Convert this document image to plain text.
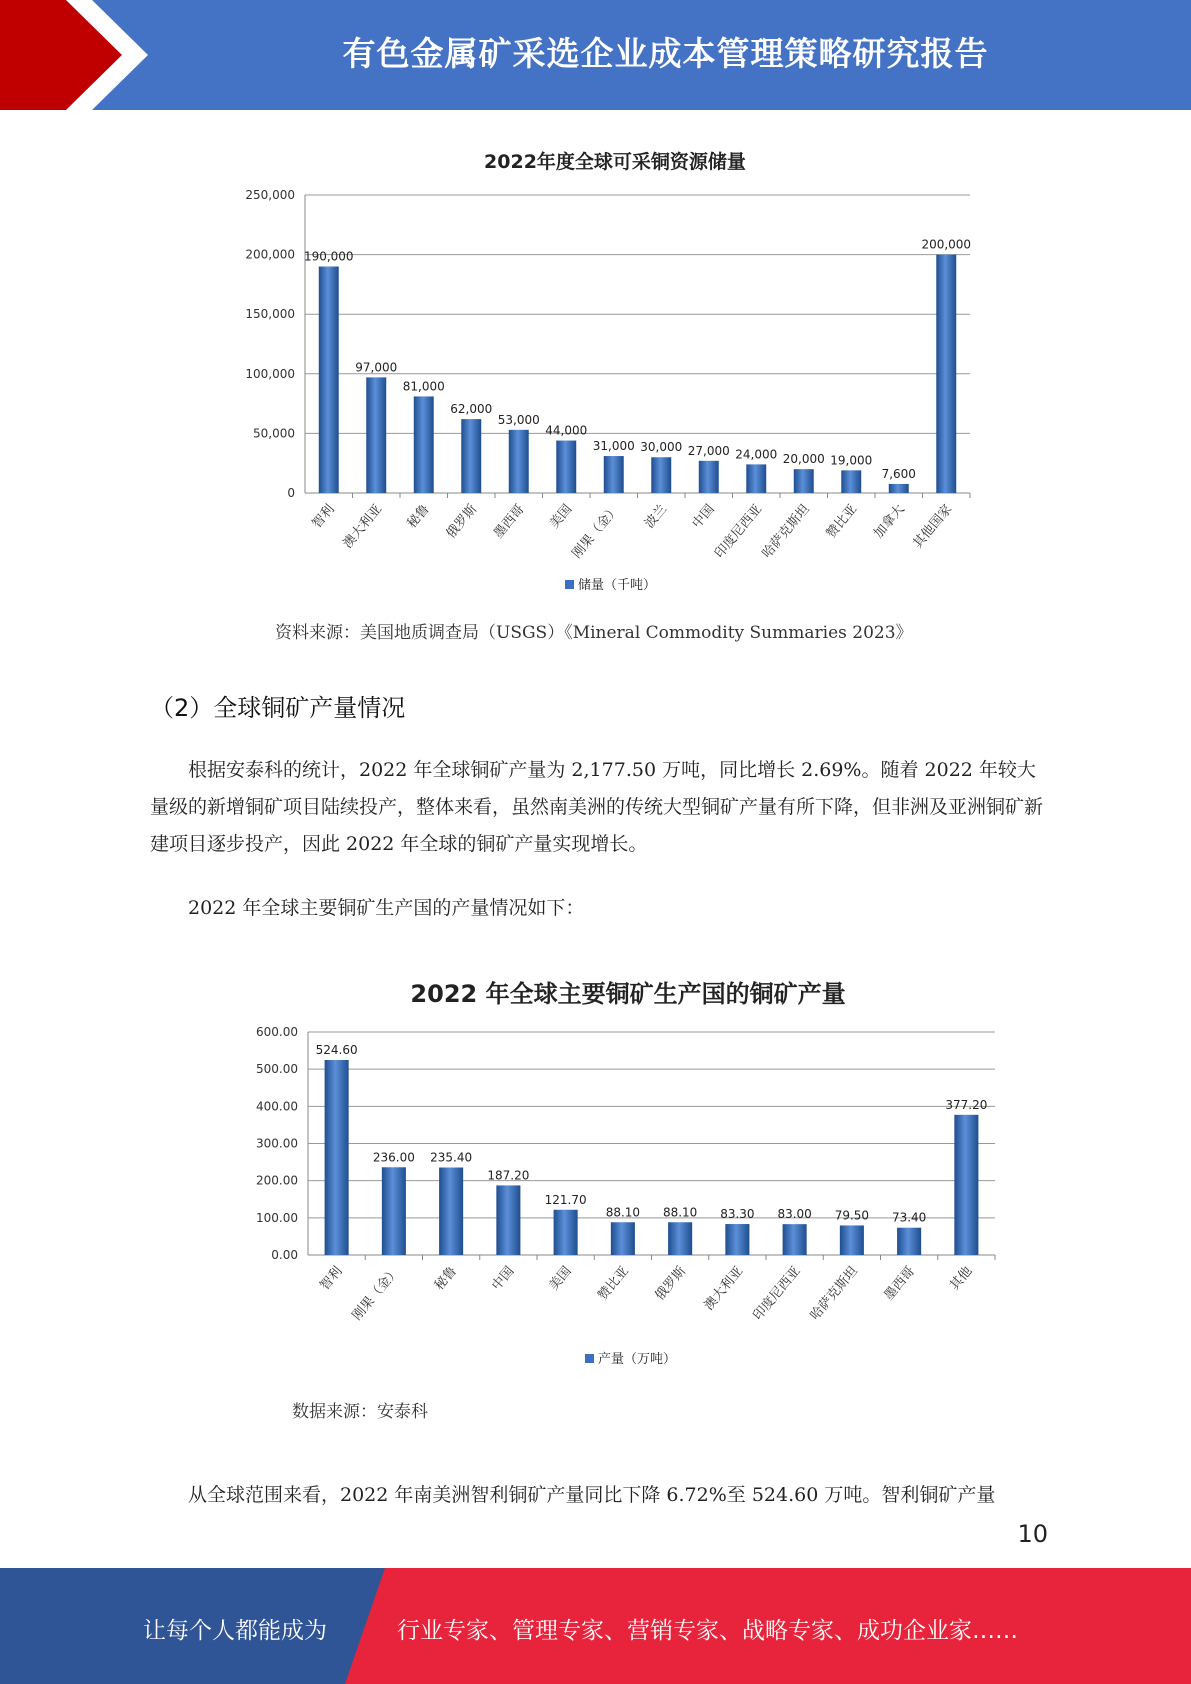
有色金属矿采选企业成本管理策略研究报告
2022年度全球可采铜资源储量
0
50,000
100,000
150,000
200,000
250,000
190,000
智利
97,000
澳大利亚
81,000
秘鲁
62,000
俄罗斯
53,000
墨西哥
44,000
美国
31,000
刚果（金）
30,000
波兰
27,000
中国
24,000
印度尼西亚
20,000
哈萨克斯坦
19,000
赞比亚
7,600
加拿大
200,000
其他国家
储量（千吨）
资料来源：美国地质调查局（USGS）《Mineral Commodity Summaries 2023》
（2）全球铜矿产量情况
根据安泰科的统计，2022 年全球铜矿产量为 2,177.50 万吨，同比增长 2.69%。随着 2022 年较大量级的新增铜矿项目陆续投产，整体来看，虽然南美洲的传统大型铜矿产量有所下降，但非洲及亚洲铜矿新建项目逐步投产，因此 2022 年全球的铜矿产量实现增长。
2022 年全球主要铜矿生产国的产量情况如下：
2022 年全球主要铜矿生产国的铜矿产量
0.00
100.00
200.00
300.00
400.00
500.00
600.00
524.60
智利
236.00
刚果（金）
235.40
秘鲁
187.20
中国
121.70
美国
88.10
赞比亚
88.10
俄罗斯
83.30
澳大利亚
83.00
印度尼西亚
79.50
哈萨克斯坦
73.40
墨西哥
377.20
其他
产量（万吨）
数据来源：安泰科
从全球范围来看，2022 年南美洲智利铜矿产量同比下降 6.72%至 524.60 万吨。智利铜矿产量
10
让每个人都能成为	行业专家、管理专家、营销专家、战略专家、成功企业家……
